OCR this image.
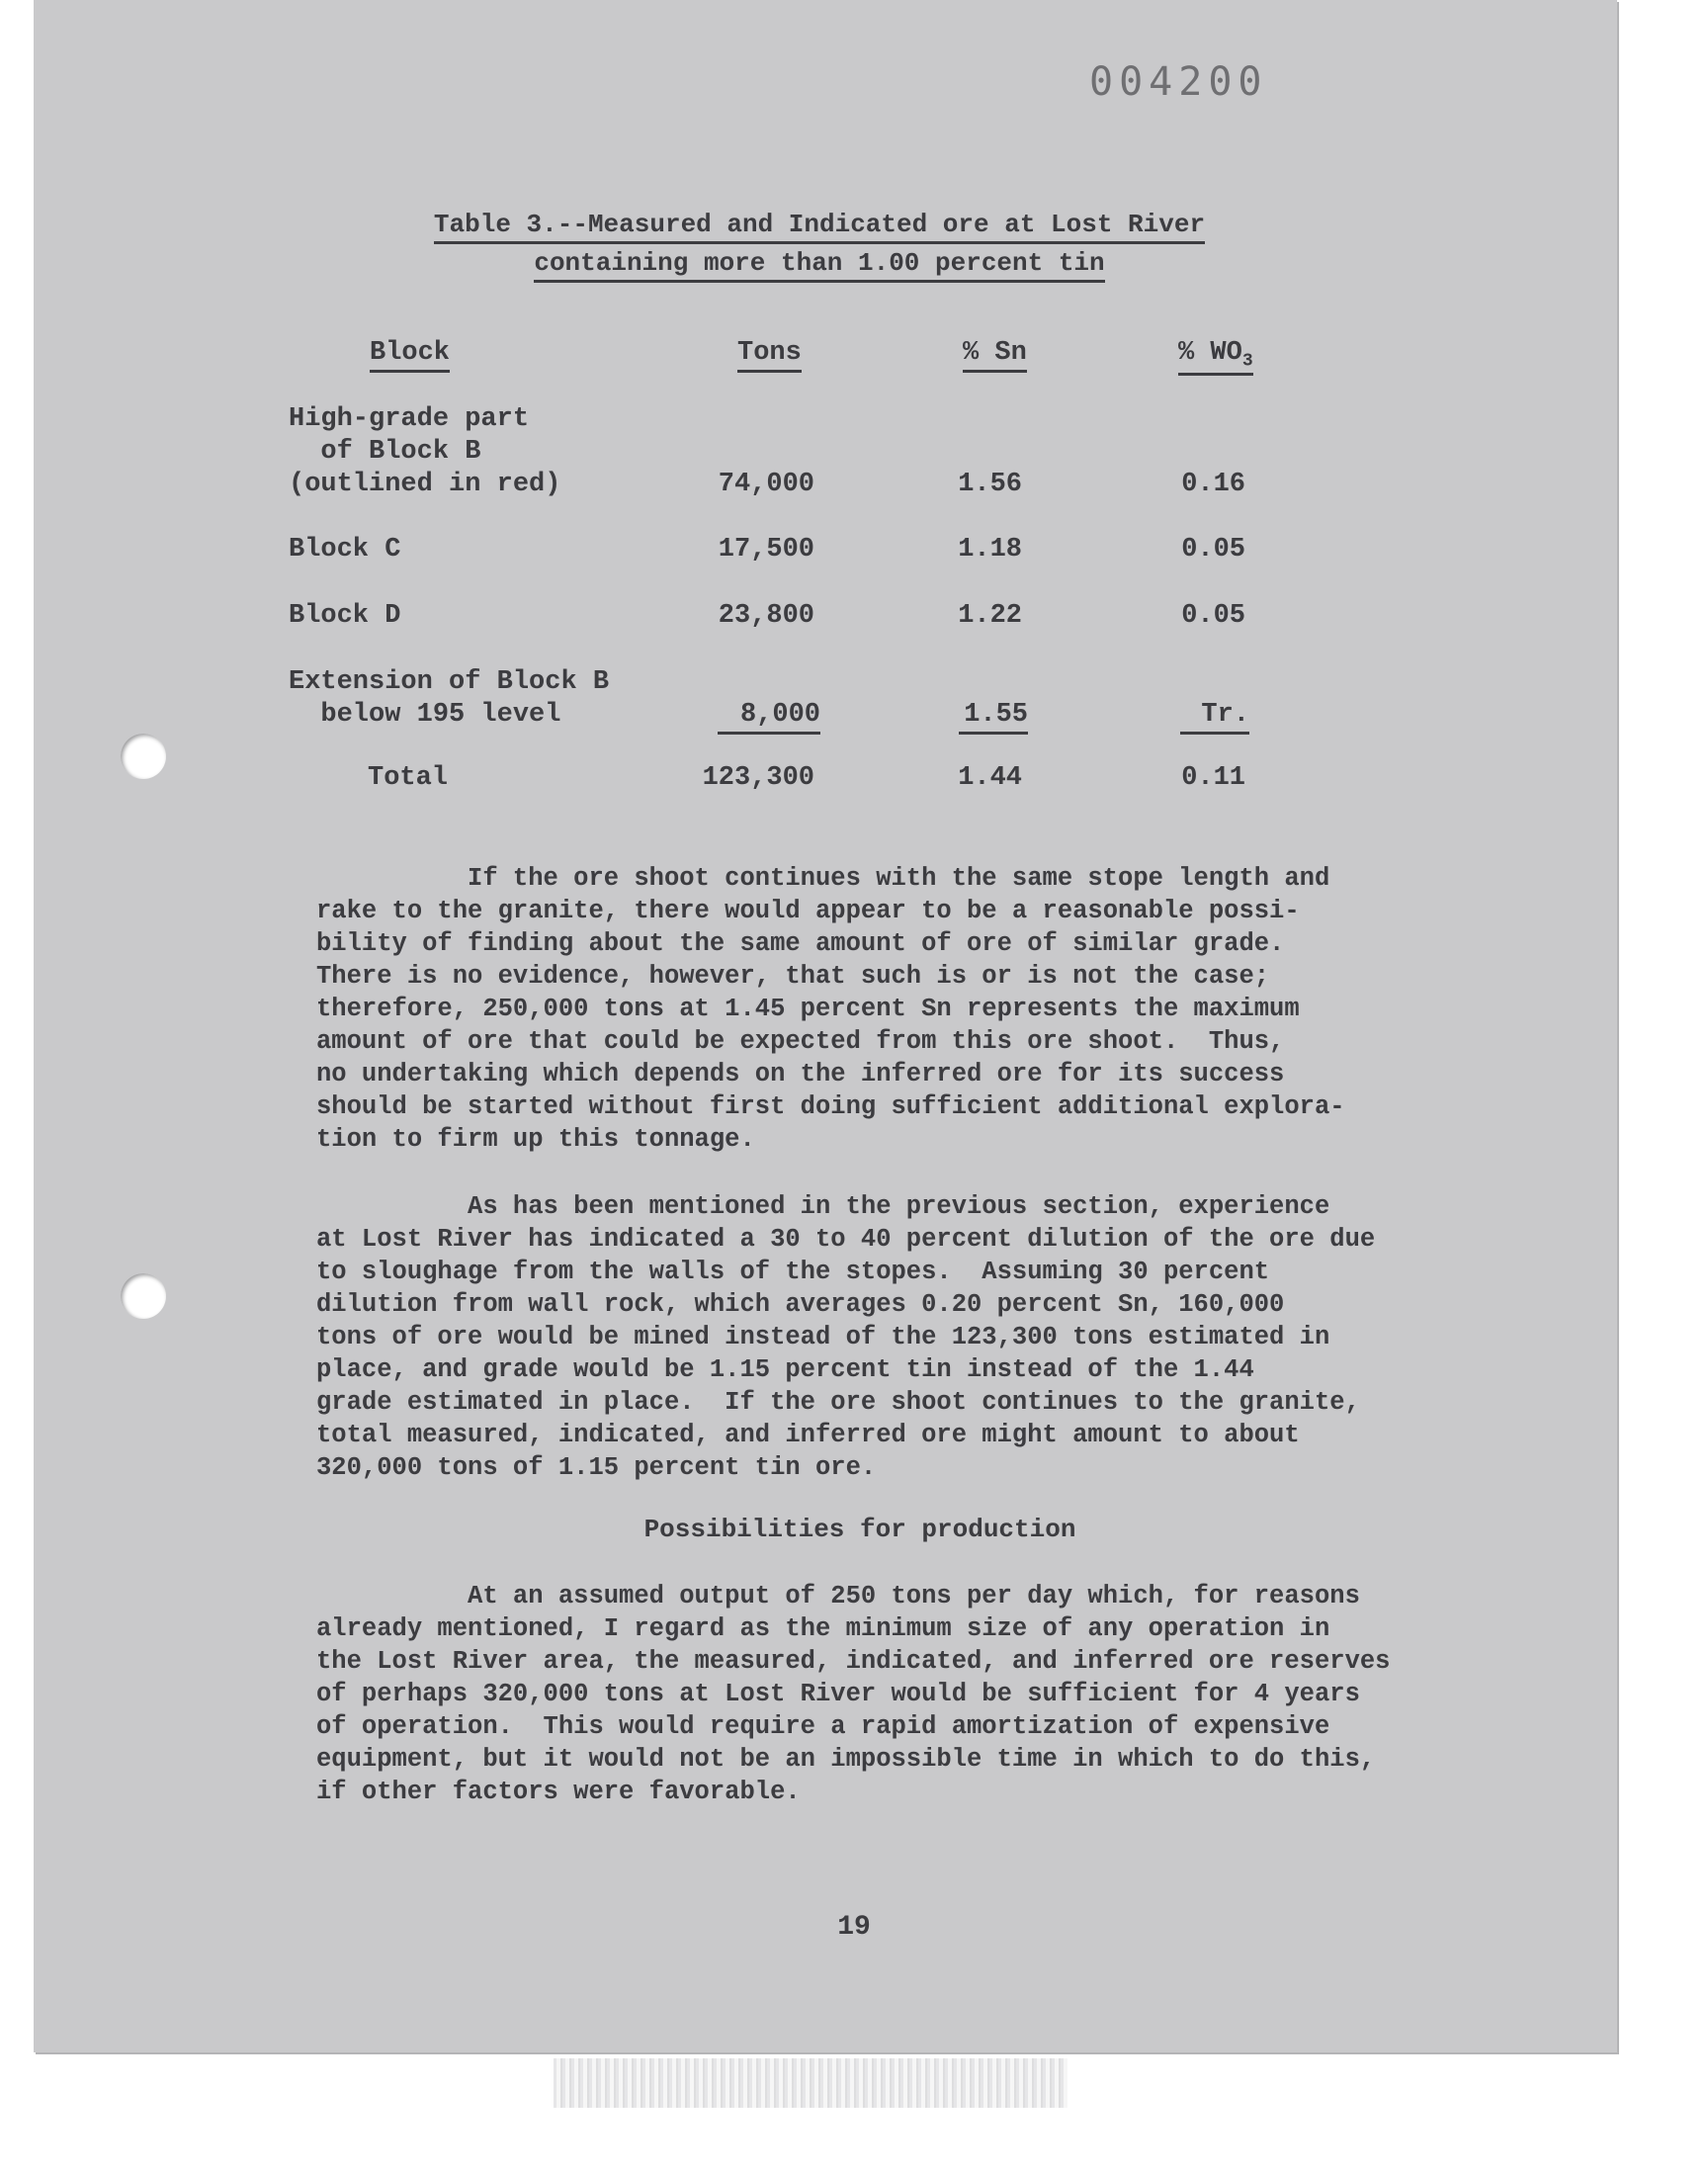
004200
Table 3.--Measured and Indicated ore at Lost River
containing more than 1.00 percent tin
Block	Tons	% Sn	% $WO_3$
High-grade part
of Block B
(outlined in red)	74,000	1.56	0.16
Block C	17,500	1.18	0.05
Block D	23,800	1.22	0.05
Extension of Block B
below 195 level	8,000	1.55	Tr.
Total	123,300	1.44	0.11
If the ore shoot continues with the same stope length and
rake to the granite, there would appear to be a reasonable possi-
bility of finding about the same amount of ore of similar grade.
There is no evidence, however, that such is or is not the case;
therefore, 250,000 tons at 1.45 percent Sn represents the maximum
amount of ore that could be expected from this ore shoot.  Thus,
no undertaking which depends on the inferred ore for its success
should be started without first doing sufficient additional explora-
tion to firm up this tonnage.
As has been mentioned in the previous section, experience
at Lost River has indicated a 30 to 40 percent dilution of the ore due
to sloughage from the walls of the stopes.  Assuming 30 percent
dilution from wall rock, which averages 0.20 percent Sn, 160,000
tons of ore would be mined instead of the 123,300 tons estimated in
place, and grade would be 1.15 percent tin instead of the 1.44
grade estimated in place.  If the ore shoot continues to the granite,
total measured, indicated, and inferred ore might amount to about
320,000 tons of 1.15 percent tin ore.
Possibilities for production
At an assumed output of 250 tons per day which, for reasons
already mentioned, I regard as the minimum size of any operation in
the Lost River area, the measured, indicated, and inferred ore reserves
of perhaps 320,000 tons at Lost River would be sufficient for 4 years
of operation.  This would require a rapid amortization of expensive
equipment, but it would not be an impossible time in which to do this,
if other factors were favorable.
19
